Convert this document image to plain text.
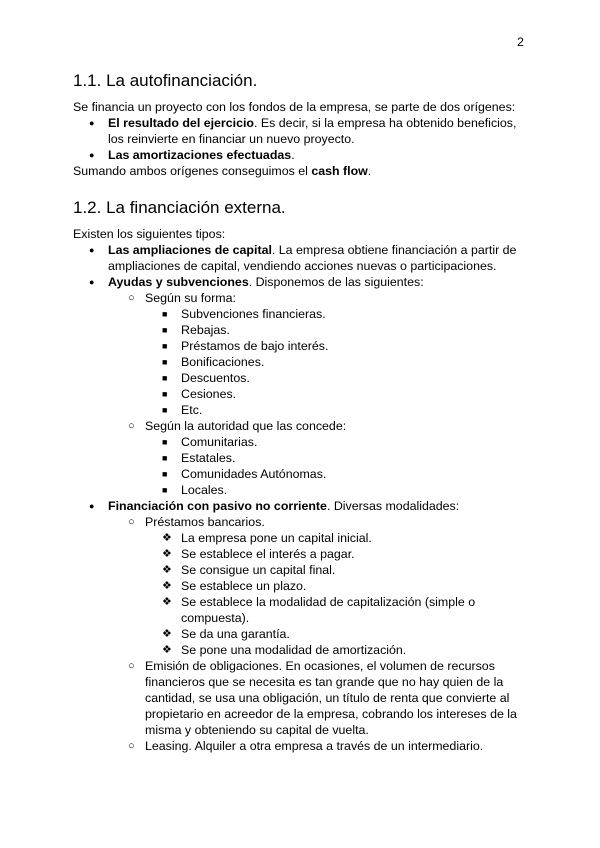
2
1.1. La autofinanciación.

Se financia un proyecto con los fondos de la empresa, se parte de dos orígenes:

● El resultado del ejercicio. Es decir, si la empresa ha obtenido beneficios, los reinvierte en financiar un nuevo proyecto.
● Las amortizaciones efectuadas.

Sumando ambos orígenes conseguimos el cash flow.

1.2. La financiación externa.

Existen los siguientes tipos:

● Las ampliaciones de capital. La empresa obtiene financiación a partir de ampliaciones de capital, vendiendo acciones nuevas o participaciones.
● Ayudas y subvenciones. Disponemos de las siguientes:
○ Según su forma:
■ Subvenciones financieras.
■ Rebajas.
■ Préstamos de bajo interés.
■ Bonificaciones.
■ Descuentos.
■ Cesiones.
■ Etc.
○ Según la autoridad que las concede:
■ Comunitarias.
■ Estatales.
■ Comunidades Autónomas.
■ Locales.
● Financiación con pasivo no corriente. Diversas modalidades:
○ Préstamos bancarios.
❖ La empresa pone un capital inicial.
❖ Se establece el interés a pagar.
❖ Se consigue un capital final.
❖ Se establece un plazo.
❖ Se establece la modalidad de capitalización (simple o compuesta).
❖ Se da una garantía.
❖ Se pone una modalidad de amortización.
○ Emisión de obligaciones. En ocasiones, el volumen de recursos financieros que se necesita es tan grande que no hay quien de la cantidad, se usa una obligación, un título de renta que convierte al propietario en acreedor de la empresa, cobrando los intereses de la misma y obteniendo su capital de vuelta.
○ Leasing. Alquiler a otra empresa a través de un intermediario.
